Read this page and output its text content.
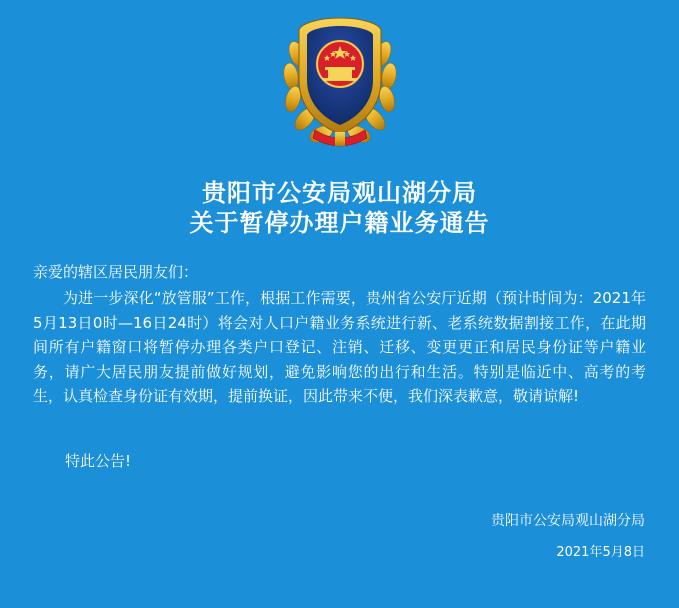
贵阳市公安局观山湖分局
关于暂停办理户籍业务通告
亲爱的辖区居民朋友们：
为进一步深化“放管服”工作，根据工作需要，贵州省公安厅近期（预计时间为：2021年5月13日0时—16日24时）将会对人口户籍业务系统进行新、老系统数据割接工作，在此期间所有户籍窗口将暂停办理各类户口登记、注销、迁移、变更更正和居民身份证等户籍业务，请广大居民朋友提前做好规划，避免影响您的出行和生活。特别是临近中、高考的考生，认真检查身份证有效期，提前换证，因此带来不便，我们深表歉意，敬请谅解!
特此公告!
贵阳市公安局观山湖分局
2021年5月8日
